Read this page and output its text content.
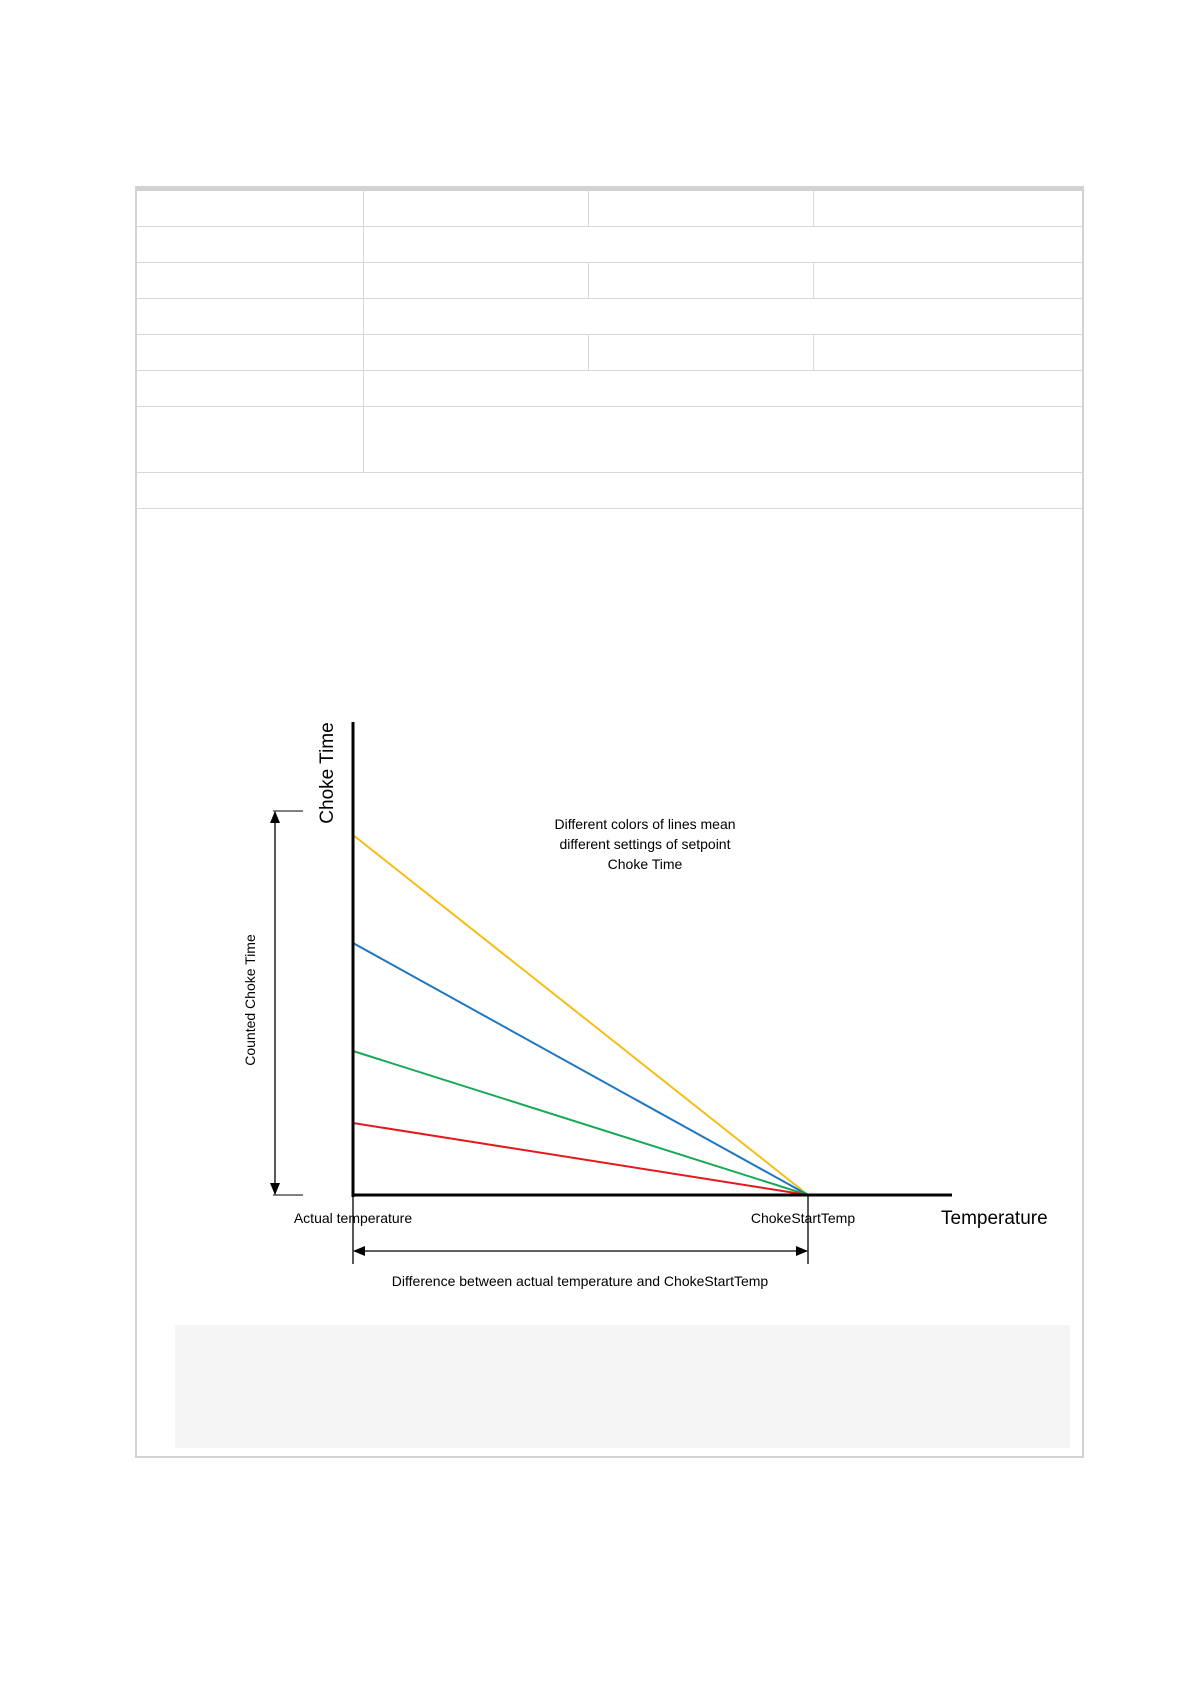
Choke Time
Counted Choke Time
Temperature
Actual temperature	ChokeStartTemp
Difference between actual temperature and ChokeStartTemp
Different colors of lines mean
different settings of setpoint
Choke Time
